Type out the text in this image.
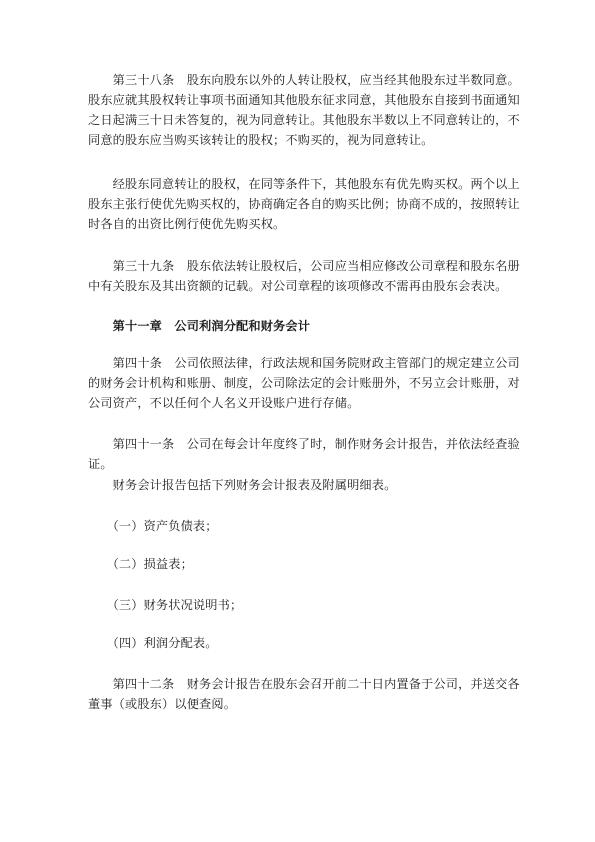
　　第三十八条　股东向股东以外的人转让股权，应当经其他股东过半数同意。股东应就其股权转让事项书面通知其他股东征求同意，其他股东自接到书面通知之日起满三十日未答复的，视为同意转让。其他股东半数以上不同意转让的，不同意的股东应当购买该转让的股权；不购买的，视为同意转让。
　　经股东同意转让的股权，在同等条件下，其他股东有优先购买权。两个以上股东主张行使优先购买权的，协商确定各自的购买比例；协商不成的，按照转让时各自的出资比例行使优先购买权。
　　第三十九条　股东依法转让股权后，公司应当相应修改公司章程和股东名册中有关股东及其出资额的记载。对公司章程的该项修改不需再由股东会表决。
　　第十一章　公司利润分配和财务会计
　　第四十条　公司依照法律，行政法规和国务院财政主管部门的规定建立公司的财务会计机构和账册、制度，公司除法定的会计账册外，不另立会计账册，对公司资产，不以任何个人名义开设账户进行存储。
　　第四十一条　公司在每会计年度终了时，制作财务会计报告，并依法经查验证。
　　财务会计报告包括下列财务会计报表及附属明细表。
　　（一）资产负债表；
　　（二）损益表；
　　（三）财务状况说明书；
　　（四）利润分配表。
　　第四十二条　财务会计报告在股东会召开前二十日内置备于公司，并送交各董事（或股东）以便查阅。
